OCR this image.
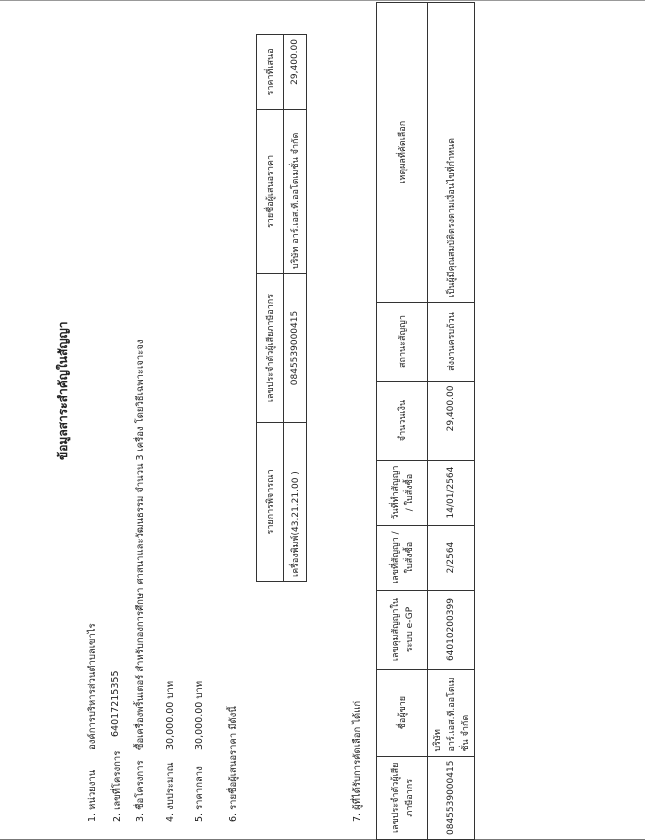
ข้อมูลสาระสำคัญในสัญญา
1. หน่วยงาน
องค์การบริหารส่วนตำบลเขาไร
2. เลขที่โครงการ
64017215355
3. ชื่อโครงการ
ซื้อเครื่องพริ้นเตอร์ สำหรับกองการศึกษา ศาสนาและวัฒนธรรม จำนวน 3 เครื่อง โดยวิธีเฉพาะเจาะจง
4. งบประมาณ
30,000.00 บาท
5. ราคากลาง
30,000.00 บาท 6. รายชื่อผู้เสนอราคา มีดังนี้
รายการพิจารณา	เลขประจำตัวผู้เสียภาษีอากร	รายชื่อผู้เสนอราคา	ราคาที่เสนอ
เครื่องพิมพ์(43.21.21.00 )	0845539000415	บริษัท อาร์.เอส.ที.ออโตเมชั่น จำกัด	29,400.00
7. ผู้ที่ได้รับการคัดเลือก ได้แก่	เลขประจำตัวผู้เสียภาษีอากร	ชื่อผู้ขาย	เลขคุมสัญญาในระบบ e-GP	เลขที่สัญญา / ใบสั่งซื้อ	วันที่ทำสัญญา / ใบสั่งซื้อ	จำนวนเงิน	สถานะสัญญา	เหตุผลที่คัดเลือก
0845539000415	บริษัท อาร์.เอส.ที.ออโตเมชั่น จำกัด	64010200399	2/2564	14/01/2564	29,400.00	ส่งงานครบถ้วน	เป็นผู้มีคุณสมบัติตรงตามเงื่อนไขที่กำหนด
